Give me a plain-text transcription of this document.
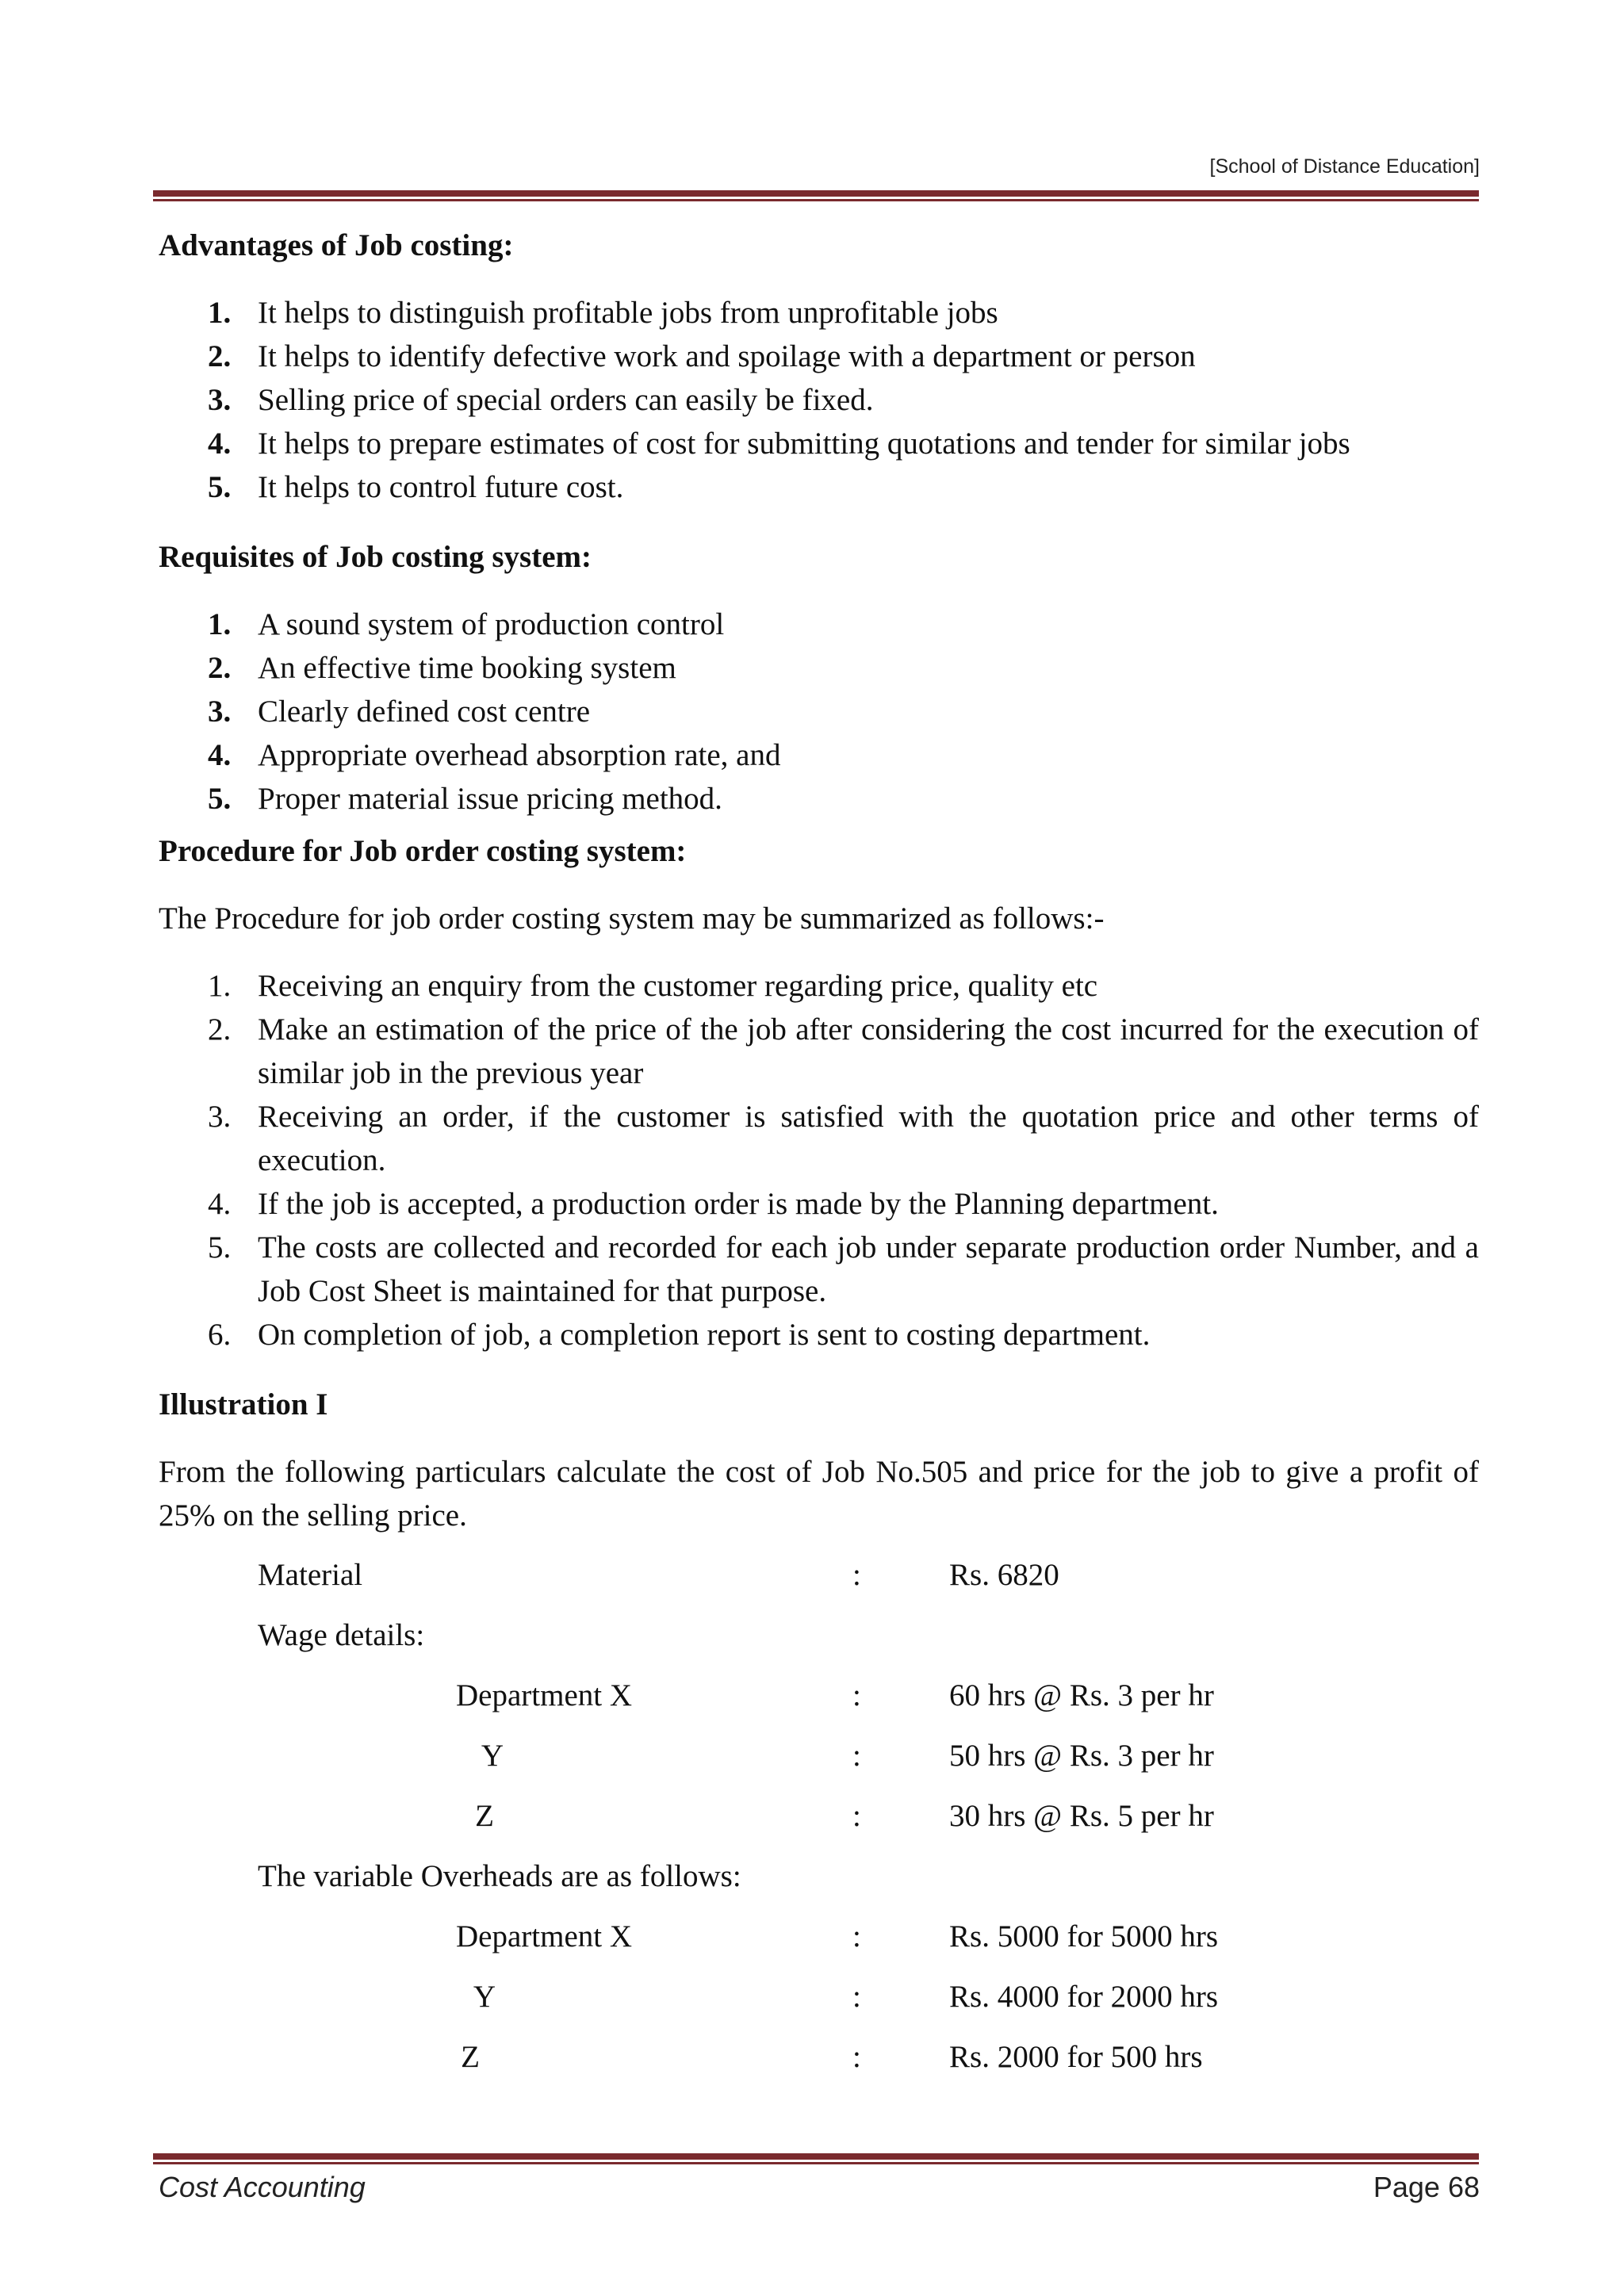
[School of Distance Education]
Advantages of Job costing:
1. It helps to distinguish profitable jobs from unprofitable jobs
2. It helps to identify defective work and spoilage with a department or person
3. Selling price of special orders can easily be fixed.
4. It helps to prepare estimates of cost for submitting quotations and tender for similar jobs
5. It helps to control future cost.
Requisites of Job costing system:
1. A sound system of production control
2. An effective time booking system
3. Clearly defined cost centre
4. Appropriate overhead absorption rate, and
5. Proper material issue pricing method.
Procedure for Job order costing system:

The Procedure for job order costing system may be summarized as follows:-

1. Receiving an enquiry from the customer regarding price, quality etc
2. Make an estimation of the price of the job after considering the cost incurred for the execution of similar job in the previous year
3. Receiving an order, if the customer is satisfied with the quotation price and other terms of execution.
4. If the job is accepted, a production order is made by the Planning department.
5. The costs are collected and recorded for each job under separate production order Number, and a Job Cost Sheet is maintained for that purpose.
6. On completion of job, a completion report is sent to costing department.
Illustration I

From the following particulars calculate the cost of Job No.505 and price for the job to give a profit of 25% on the selling price.

Material	:	Rs. 6820
Wage details:
Department X	:	60 hrs @ Rs. 3 per hr
Y	:	50 hrs @ Rs. 3 per hr
Z	:	30 hrs @ Rs. 5 per hr
The variable Overheads are as follows:
Department X	:	Rs. 5000 for 5000 hrs
Y	:	Rs. 4000 for 2000 hrs
Z	:	Rs. 2000 for 500 hrs
Cost Accounting	Page 68
